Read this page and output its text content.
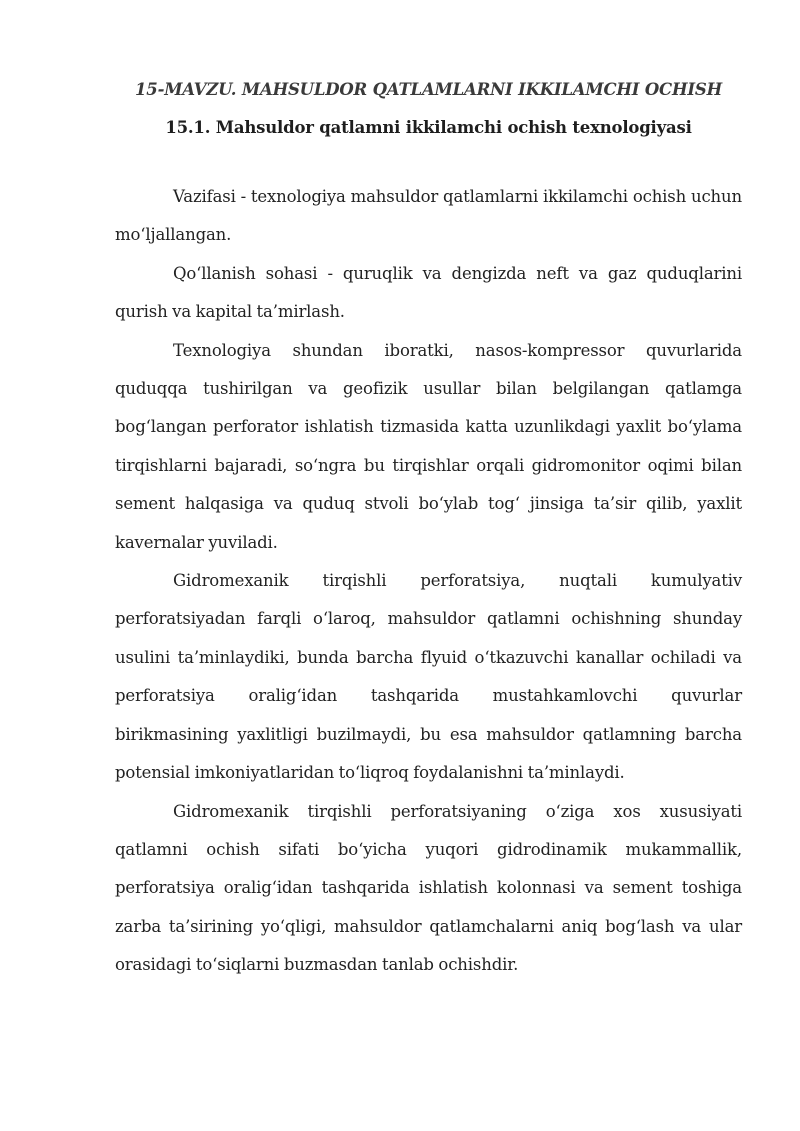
15-MAVZU. MAHSULDOR QATLAMLARNI IKKILAMCHI OCHISH
15.1. Mahsuldor qatlamni ikkilamchi ochish texnologiyasi

Vazifasi - texnologiya mahsuldor qatlamlarni ikkilamchi ochish uchun mo‘ljallangan.

Qo‘llanish sohasi - quruqlik va dengizda neft va gaz quduqlarini qurish va kapital ta’mirlash.

Texnologiya shundan iboratki, nasos-kompressor quvurlarida quduqqa tushirilgan va geofizik usullar bilan belgilangan qatlamga bog‘langan perforator ishlatish tizmasida katta uzunlikdagi yaxlit bo‘ylama tirqishlarni bajaradi, so‘ngra bu tirqishlar orqali gidromonitor oqimi bilan sement halqasiga va quduq stvoli bo‘ylab tog‘ jinsiga ta’sir qilib, yaxlit kavernalar yuviladi.

Gidromexanik tirqishli perforatsiya, nuqtali kumulyativ perforatsiyadan farqli o‘laroq, mahsuldor qatlamni ochishning shunday usulini ta’minlaydiki, bunda barcha flyuid o‘tkazuvchi kanallar ochiladi va perforatsiya oralig‘idan tashqarida mustahkamlovchi quvurlar birikmasining yaxlitligi buzilmaydi, bu esa mahsuldor qatlamning barcha potensial imkoniyatlaridan to‘liqroq foydalanishni ta’minlaydi.

Gidromexanik tirqishli perforatsiyaning o‘ziga xos xususiyati qatlamni ochish sifati bo‘yicha yuqori gidrodinamik mukammallik, perforatsiya oralig‘idan tashqarida ishlatish kolonnasi va sement toshiga zarba ta’sirining yo‘qligi, mahsuldor qatlamchalarni aniq bog‘lash va ular orasidagi to‘siqlarni buzmasdan tanlab ochishdir.
